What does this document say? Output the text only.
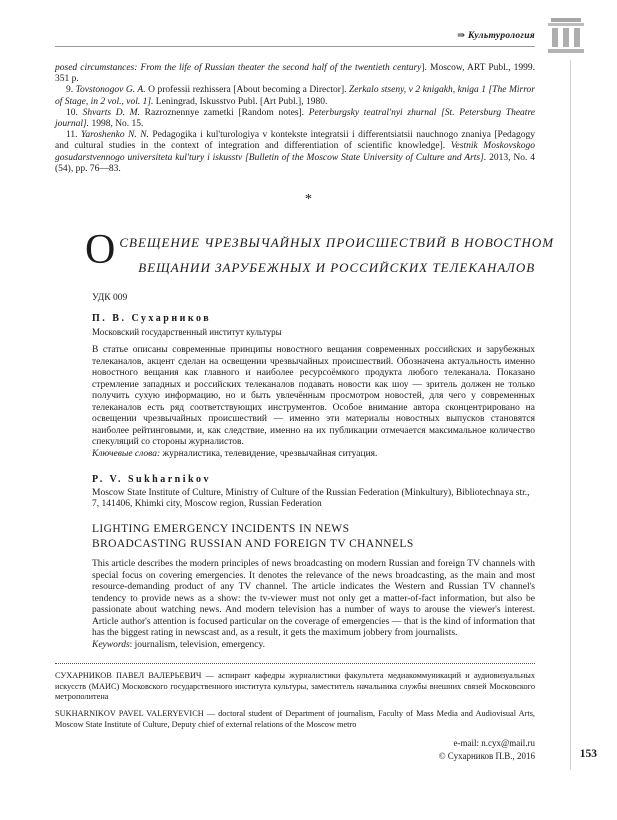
153
⇒ Культурология

posed circumstances: From the life of Russian theater the second half of the twentieth century]. Moscow, ART Publ., 1999. 351 p.

9. Tovstonogov G. A. O professii rezhissera [About becoming a Director]. Zerkalo stseny, v 2 knigakh, kniga 1 [The Mirror of Stage, in 2 vol., vol. 1]. Leningrad, Iskusstvo Publ. [Art Publ.], 1980.

10. Shvarts D. M. Razroznennye zametki [Random notes]. Peterburgsky teatral'nyi zhurnal [St. Petersburg Theatre journal]. 1998, No. 15.

11. Yaroshenko N. N. Pedagogika i kul'turologiya v kontekste integratsii i differentsiatsii nauchnogo znaniya [Pedagogy and cultural studies in the context of integration and differentiation of scientific knowledge]. Vestnik Moskovskogo gosudarstvennogo universiteta kul'tury i iskusstv [Bulletin of the Moscow State University of Culture and Arts]. 2013, No. 4 (54), pp. 76—83.

*
О СВЕЩЕНИЕ ЧРЕЗВЫЧАЙНЫХ ПРОИСШЕСТВИЙ В НОВОСТНОМ
ВЕЩАНИИ ЗАРУБЕЖНЫХ И РОССИЙСКИХ ТЕЛЕКАНАЛОВ
УДК 009
П. В. Сухарников
Московский государственный институт культуры

В статье описаны современные принципы новостного вещания современных российских и зарубежных телеканалов, акцент сделан на освещении чрезвычайных происшествий. Обозначена актуальность именно новостного вещания как главного и наиболее ресурсоёмкого продукта любого телеканала. Показано стремление западных и российских телеканалов подавать новости как шоу — зритель должен не только получить сухую информацию, но и быть увлечённым просмотром новостей, для чего у современных телеканалов есть ряд соответствующих инструментов. Особое внимание автора сконцентрировано на освещении чрезвычайных происшествий — именно эти материалы новостных выпусков становятся наиболее рейтинговыми, и, как следствие, именно на их публикации отмечается максимальное количество спекуляций со стороны журналистов.

Ключевые слова: журналистика, телевидение, чрезвычайная ситуация.

P. V. Sukharnikov

Moscow State Institute of Culture, Ministry of Culture of the Russian Federation (Minkultury), Bibliotechnaya str., 7, 141406, Khimki city, Moscow region, Russian Federation

LIGHTING EMERGENCY INCIDENTS IN NEWS
BROADCASTING RUSSIAN AND FOREIGN TV CHANNELS

This article describes the modern principles of news broadcasting on modern Russian and foreign TV channels with special focus on covering emergencies. It denotes the relevance of the news broadcasting, as the main and most resource-demanding product of any TV channel. The article indicates the Western and Russian TV channel's tendency to provide news as a show: the tv-viewer must not only get a matter-of-fact information, but also be passionate about watching news. And modern television has a number of ways to arouse the viewer's interest. Article author's attention is focused particular on the coverage of emergencies — that is the kind of information that has the biggest rating in newscast and, as a result, it gets the maximum jobbery from journalists.

Keywords: journalism, television, emergency.

СУХАРНИКОВ ПАВЕЛ ВАЛЕРЬЕВИЧ — аспирант кафедры журналистики факультета медиакоммуникаций и аудиовизуальных искусств (МАИС) Московского государственного института культуры, заместитель начальника службы внешних связей Московского метрополитена

SUKHARNIKOV PAVEL VALERYEVICH — doctoral student of Department of journalism, Faculty of Mass Media and Audiovisual Arts, Moscow State Institute of Culture, Deputy chief of external relations of the Moscow metro

e-mail: n.cyx@mail.ru

© Сухарников П.В., 2016
